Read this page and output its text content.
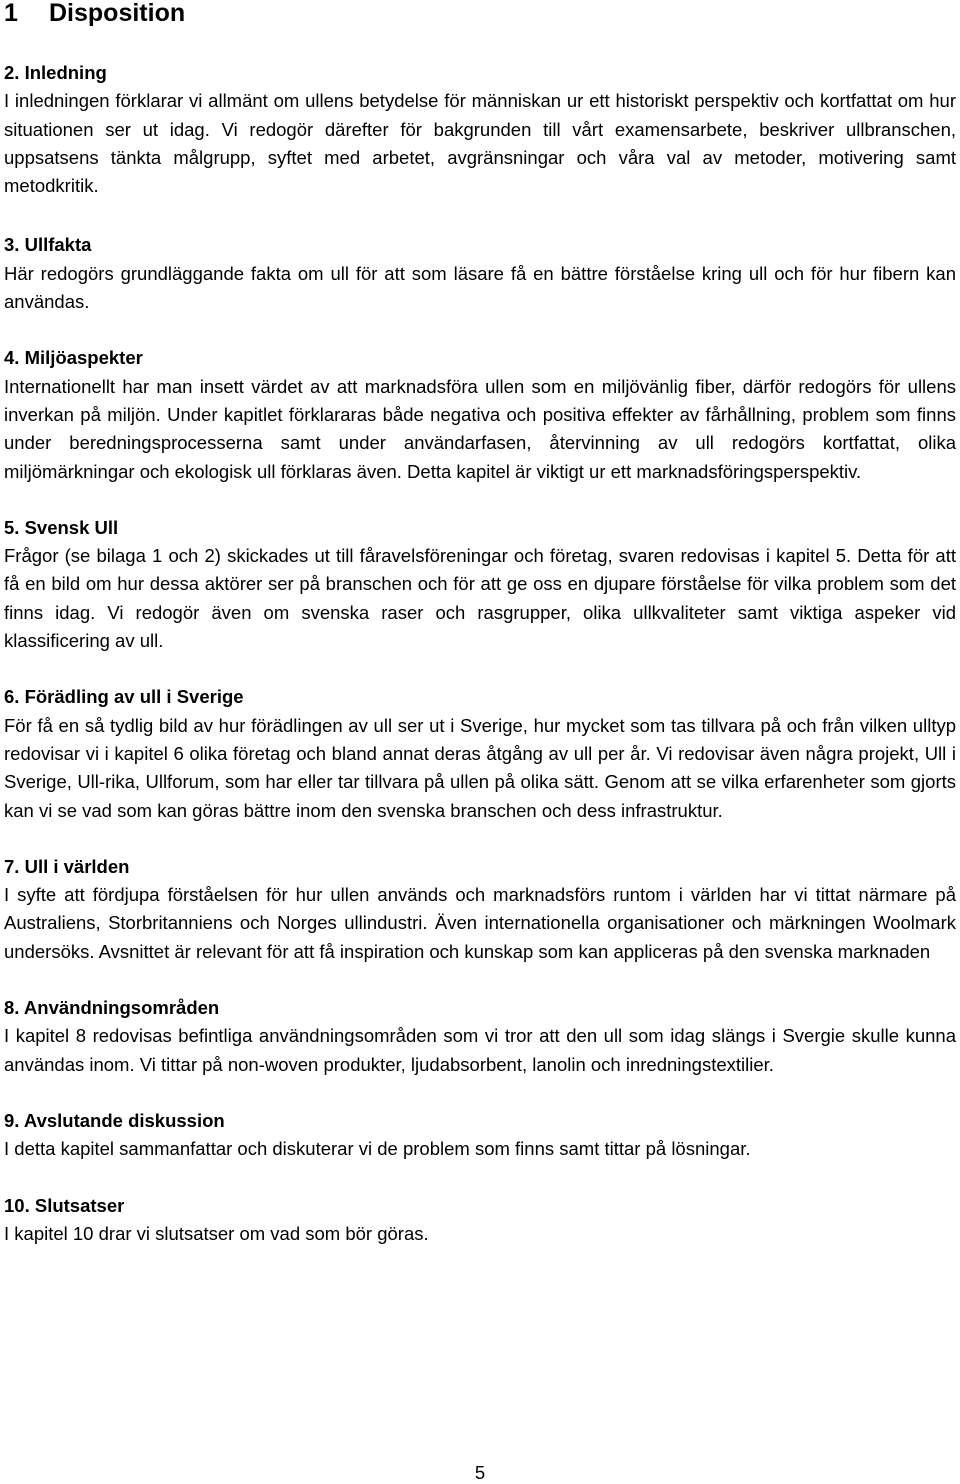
1	Disposition

2. Inledning

I inledningen förklarar vi allmänt om ullens betydelse för människan ur ett historiskt perspektiv och kortfattat om hur situationen ser ut idag. Vi redogör därefter för bakgrunden till vårt examensarbete, beskriver ullbranschen, uppsatsens tänkta målgrupp, syftet med arbetet, avgränsningar och våra val av metoder, motivering samt metodkritik.

3. Ullfakta

Här redogörs grundläggande fakta om ull för att som läsare få en bättre förståelse kring ull och för hur fibern kan användas.

4. Miljöaspekter

Internationellt har man insett värdet av att marknadsföra ullen som en miljövänlig fiber, därför redogörs för ullens inverkan på miljön. Under kapitlet förklararas både negativa och positiva effekter av fårhållning, problem som finns under beredningsprocesserna samt under användarfasen, återvinning av ull redogörs kortfattat, olika miljömärkningar och ekologisk ull förklaras även. Detta kapitel är viktigt ur ett marknadsföringsperspektiv.

5. Svensk Ull

Frågor (se bilaga 1 och 2) skickades ut till fåravelsföreningar och företag, svaren redovisas i kapitel 5. Detta för att få en bild om hur dessa aktörer ser på branschen och för att ge oss en djupare förståelse för vilka problem som det finns idag. Vi redogör även om svenska raser och rasgrupper, olika ullkvaliteter samt viktiga aspeker vid klassificering av ull.

6. Förädling av ull i Sverige

För få en så tydlig bild av hur förädlingen av ull ser ut i Sverige, hur mycket som tas tillvara på och från vilken ulltyp redovisar vi i kapitel 6 olika företag och bland annat deras åtgång av ull per år. Vi redovisar även några projekt, Ull i Sverige, Ull-rika, Ullforum, som har eller tar tillvara på ullen på olika sätt. Genom att se vilka erfarenheter som gjorts kan vi se vad som kan göras bättre inom den svenska branschen och dess infrastruktur.

7. Ull i världen

I syfte att fördjupa förståelsen för hur ullen används och marknadsförs runtom i världen har vi tittat närmare på Australiens, Storbritanniens och Norges ullindustri. Även internationella organisationer och märkningen Woolmark undersöks. Avsnittet är relevant för att få inspiration och kunskap som kan appliceras på den svenska marknaden

8. Användningsområden

I kapitel 8 redovisas befintliga användningsområden som vi tror att den ull som idag slängs i Svergie skulle kunna användas inom. Vi tittar på non-woven produkter, ljudabsorbent, lanolin och inredningstextilier.

9. Avslutande diskussion

I detta kapitel sammanfattar och diskuterar vi de problem som finns samt tittar på lösningar.

10. Slutsatser

I kapitel 10 drar vi slutsatser om vad som bör göras.

5
